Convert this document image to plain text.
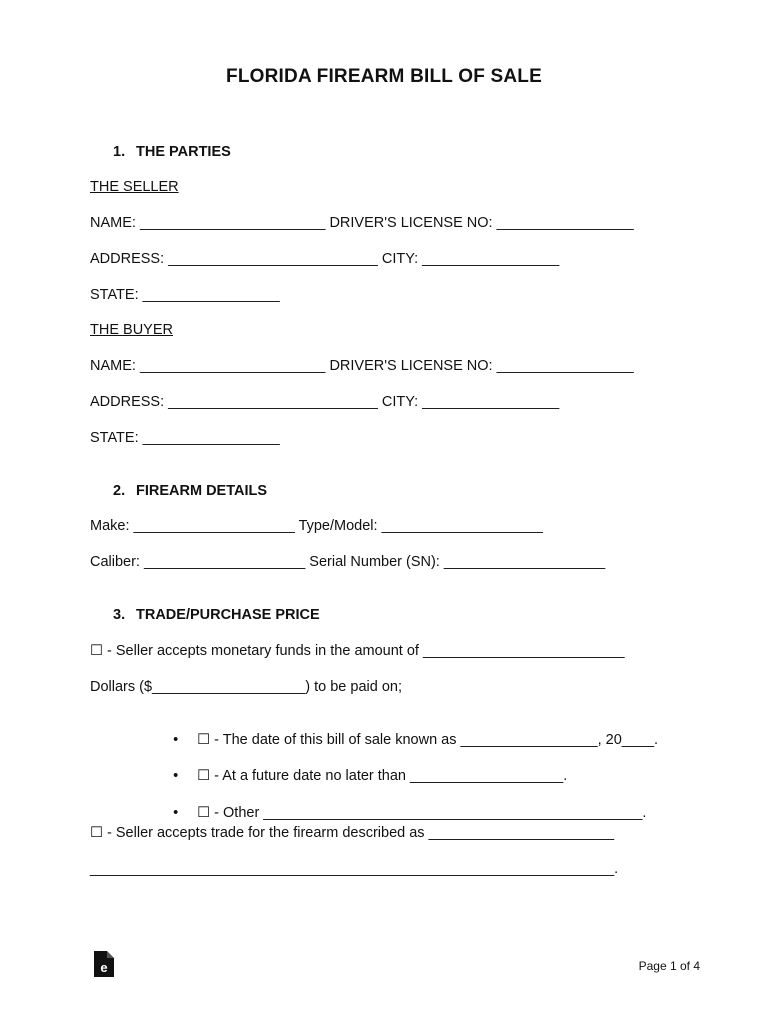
FLORIDA FIREARM BILL OF SALE
1. THE PARTIES
THE SELLER
NAME: _______________________ DRIVER'S LICENSE NO: _________________
ADDRESS: __________________________ CITY: _________________
STATE: _________________
THE BUYER
NAME: _______________________ DRIVER'S LICENSE NO: _________________
ADDRESS: __________________________ CITY: _________________
STATE: _________________
2. FIREARM DETAILS
Make: ____________________ Type/Model: ____________________
Caliber: ____________________ Serial Number (SN): ____________________
3. TRADE/PURCHASE PRICE
☐ - Seller accepts monetary funds in the amount of _________________________
Dollars ($___________________) to be paid on;

• ☐ - The date of this bill of sale known as _________________, 20____.

• ☐ - At a future date no later than ___________________.

• ☐ - Other _______________________________________________.

☐ - Seller accepts trade for the firearm described as _______________________
_________________________________________________________________.
e	Page 1 of 4
